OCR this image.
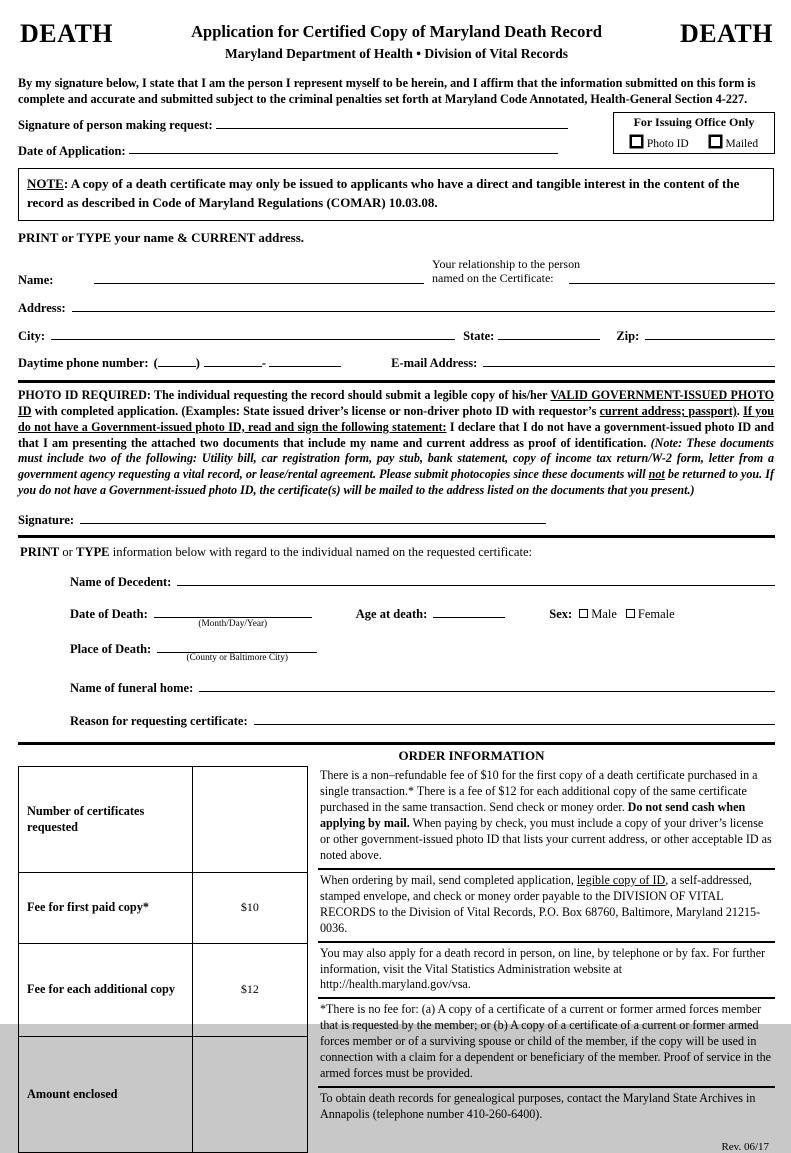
DEATH	Application for Certified Copy of Maryland Death Record
Maryland Department of Health • Division of Vital Records
DEATH
By my signature below, I state that I am the person I represent myself to be herein, and I affirm that the information submitted on this form is
complete and accurate and submitted subject to the criminal penalties set forth at Maryland Code Annotated, Health-General Section 4-227.
Signature of person making request:
Date of Application:
For Issuing Office Only
Photo ID	Mailed
NOTE: A copy of a death certificate may only be issued to applicants who have a direct and tangible interest in the content of the record as described in Code of Maryland Regulations (COMAR) 10.03.08.
PRINT or TYPE your name & CURRENT address.
Your relationship to the person
named on the Certificate:
Name:
Address:
City:	State:	Zip:
Daytime phone number: (	)	-	E-mail Address:
PHOTO ID REQUIRED: The individual requesting the record should submit a legible copy of his/her VALID GOVERNMENT-ISSUED PHOTO ID with completed application. (Examples: State issued driver’s license or non-driver photo ID with requestor’s current address; passport). If you do not have a Government-issued photo ID, read and sign the following statement: I declare that I do not have a government-issued photo ID and that I am presenting the attached two documents that include my name and current address as proof of identification. (Note: These documents must include two of the following: Utility bill, car registration form, pay stub, bank statement, copy of income tax return/W-2 form, letter from a government agency requesting a vital record, or lease/rental agreement. Please submit photocopies since these documents will not be returned to you. If you do not have a Government-issued photo ID, the certificate(s) will be mailed to the address listed on the documents that you present.)
Signature:
PRINT or TYPE information below with regard to the individual named on the requested certificate:
Name of Decedent:
Date of Death:
(Month/Day/Year)
Age at death:	Sex:	Male	Female
Place of Death:
(County or Baltimore City)
Name of funeral home:
Reason for requesting certificate:
ORDER INFORMATION
Number of certificates requested	
Fee for first paid copy*	$10
Fee for each additional copy	$12
Amount enclosed	
There is a non–refundable fee of $10 for the first copy of a death certificate purchased in a single transaction.* There is a fee of $12 for each additional copy of the same certificate purchased in the same transaction. Send check or money order. Do not send cash when applying by mail. When paying by check, you must include a copy of your driver’s license or other government-issued photo ID that lists your current address, or other acceptable ID as noted above.
When ordering by mail, send completed application, legible copy of ID, a self-addressed, stamped envelope, and check or money order payable to the DIVISION OF VITAL RECORDS to the Division of Vital Records, P.O. Box 68760, Baltimore, Maryland 21215-0036.
You may also apply for a death record in person, on line, by telephone or by fax. For further information, visit the Vital Statistics Administration website at http://health.maryland.gov/vsa.
*There is no fee for: (a) A copy of a certificate of a current or former armed forces member that is requested by the member; or (b) A copy of a certificate of a current or former armed forces member or of a surviving spouse or child of the member, if the copy will be used in connection with a claim for a dependent or beneficiary of the member. Proof of service in the armed forces must be provided.
To obtain death records for genealogical purposes, contact the Maryland State Archives in Annapolis (telephone number 410-260-6400).
Rev. 06/17
